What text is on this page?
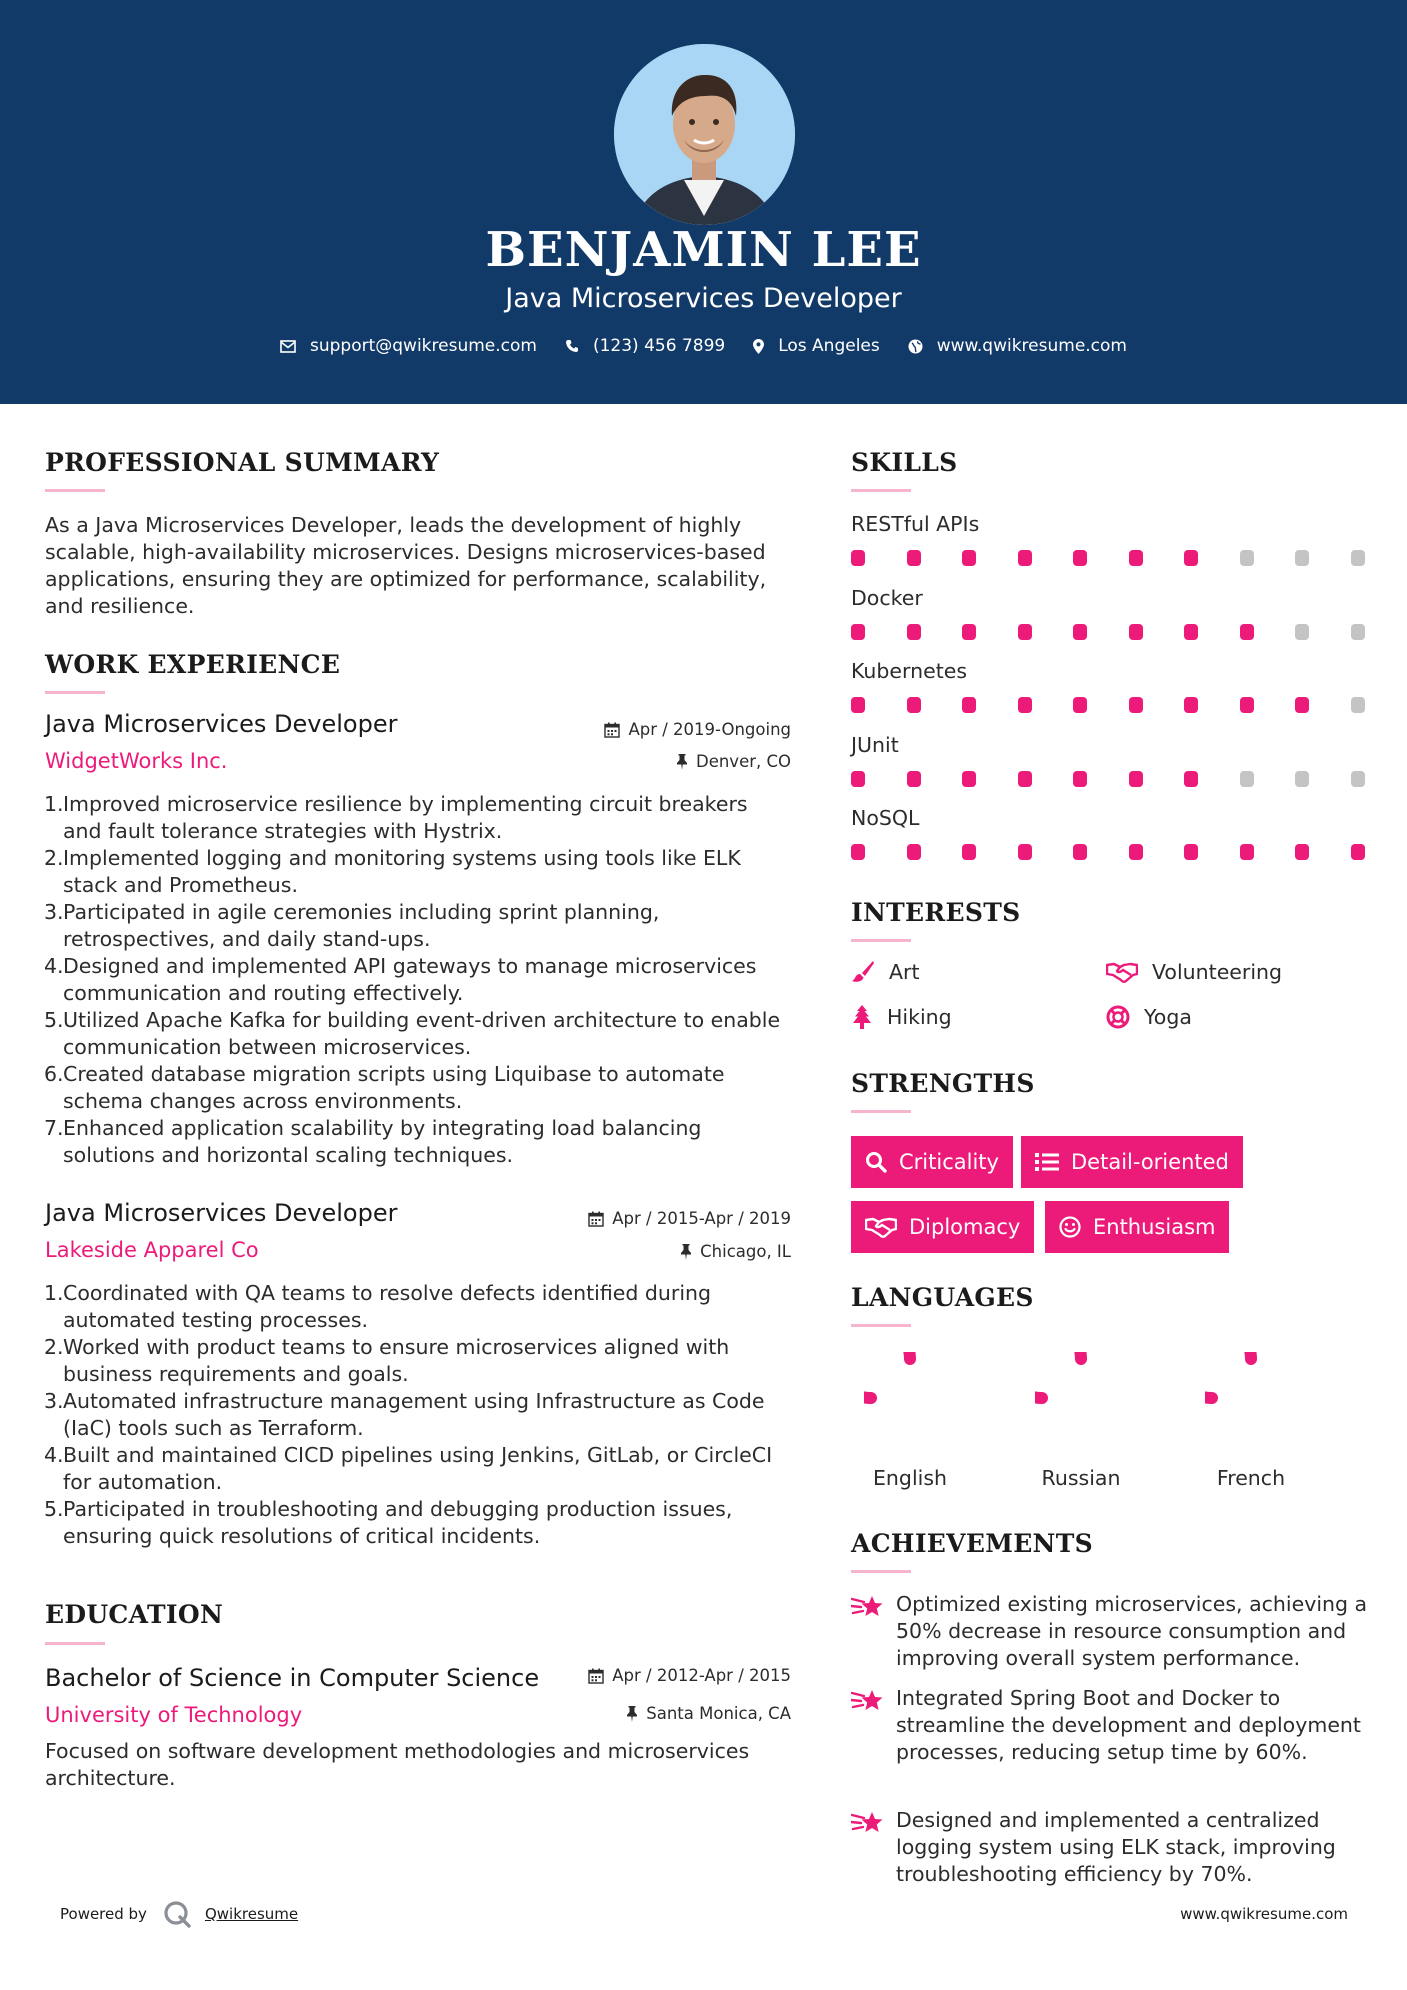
BENJAMIN LEE
Java Microservices Developer
support@qwikresume.com	(123) 456 7899	Los Angeles	www.qwikresume.com
PROFESSIONAL SUMMARY
As a Java Microservices Developer, leads the development of highly scalable, high-availability microservices. Designs microservices-based applications, ensuring they are optimized for performance, scalability, and resilience.
WORK EXPERIENCE
Java Microservices Developer	Apr / 2019-Ongoing
WidgetWorks Inc.	Denver, CO
1. Improved microservice resilience by implementing circuit breakers and fault tolerance strategies with Hystrix.
2. Implemented logging and monitoring systems using tools like ELK stack and Prometheus.
3. Participated in agile ceremonies including sprint planning, retrospectives, and daily stand-ups.
4. Designed and implemented API gateways to manage microservices communication and routing effectively.
5. Utilized Apache Kafka for building event-driven architecture to enable communication between microservices.
6. Created database migration scripts using Liquibase to automate schema changes across environments.
7. Enhanced application scalability by integrating load balancing solutions and horizontal scaling techniques.
Java Microservices Developer	Apr / 2015-Apr / 2019
Lakeside Apparel Co	Chicago, IL
1. Coordinated with QA teams to resolve defects identified during automated testing processes.
2. Worked with product teams to ensure microservices aligned with business requirements and goals.
3. Automated infrastructure management using Infrastructure as Code (IaC) tools such as Terraform.
4. Built and maintained CICD pipelines using Jenkins, GitLab, or CircleCI for automation.
5. Participated in troubleshooting and debugging production issues, ensuring quick resolutions of critical incidents.
EDUCATION
Bachelor of Science in Computer Science	Apr / 2012-Apr / 2015
University of Technology	Santa Monica, CA
Focused on software development methodologies and microservices architecture.
SKILLS
RESTful APIs
Docker
Kubernetes
JUnit
NoSQL
INTERESTS
Art	Volunteering
Hiking	Yoga
STRENGTHS
Criticality	Detail-oriented
Diplomacy	Enthusiasm
LANGUAGES
English	Russian	French
ACHIEVEMENTS
Optimized existing microservices, achieving a 50% decrease in resource consumption and improving overall system performance.
Integrated Spring Boot and Docker to streamline the development and deployment processes, reducing setup time by 60%.
Designed and implemented a centralized logging system using ELK stack, improving troubleshooting efficiency by 70%.
Powered by	Qwikresume	www.qwikresume.com
